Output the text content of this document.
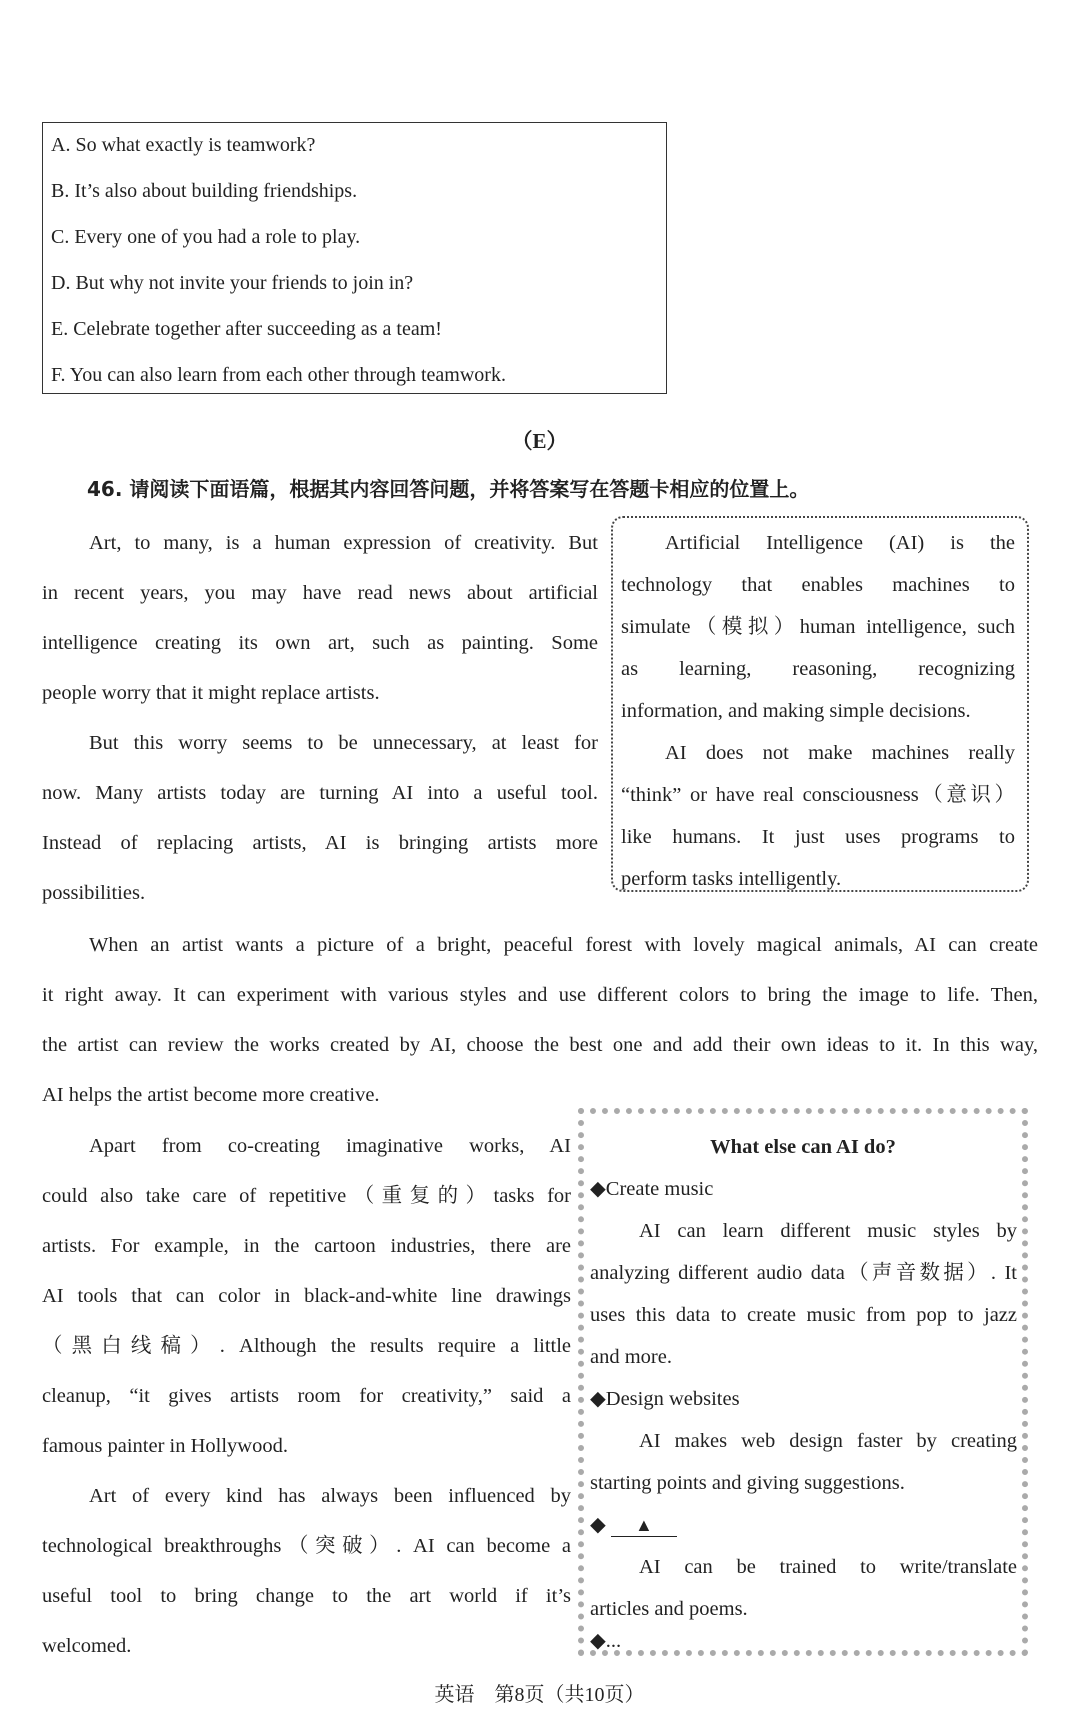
A. So what exactly is teamwork?
B. It’s also about building friendships.
C. Every one of you had a role to play.
D. But why not invite your friends to join in?
E. Celebrate together after succeeding as a team!
F. You can also learn from each other through teamwork.
（E）
46. 请阅读下面语篇，根据其内容回答问题，并将答案写在答题卡相应的位置上。
Art, to many, is a human expression of creativity. But
in recent years, you may have read news about artificial
intelligence creating its own art, such as painting. Some
people worry that it might replace artists.
But this worry seems to be unnecessary, at least for
now. Many artists today are turning AI into a useful tool.
Instead of replacing artists, AI is bringing artists more
possibilities.
Artificial Intelligence (AI) is the
technology that enables machines to
simulate（模拟）human intelligence, such
as learning, reasoning, recognizing
information, and making simple decisions.
AI does not make machines really
“think” or have real consciousness（意识）
like humans. It just uses programs to
perform tasks intelligently.
When an artist wants a picture of a bright, peaceful forest with lovely magical animals, AI can create
it right away. It can experiment with various styles and use different colors to bring the image to life. Then,
the artist can review the works created by AI, choose the best one and add their own ideas to it. In this way,
AI helps the artist become more creative.
Apart from co-creating imaginative works, AI
could also take care of repetitive（重复的）tasks for
artists. For example, in the cartoon industries, there are
AI tools that can color in black-and-white line drawings
（黑白线稿）. Although the results require a little
cleanup, “it gives artists room for creativity,” said a
famous painter in Hollywood.
Art of every kind has always been influenced by
technological breakthroughs（突破）. AI can become a
useful tool to bring change to the art world if it’s
welcomed.
What else can AI do?
◆Create music
AI can learn different music styles by
analyzing different audio data（声音数据）. It
uses this data to create music from pop to jazz
and more.
◆Design websites
AI makes web design faster by creating
starting points and giving suggestions.
◆ ▲
AI can be trained to write/translate
articles and poems.
◆...
英语　第8页（共10页）
